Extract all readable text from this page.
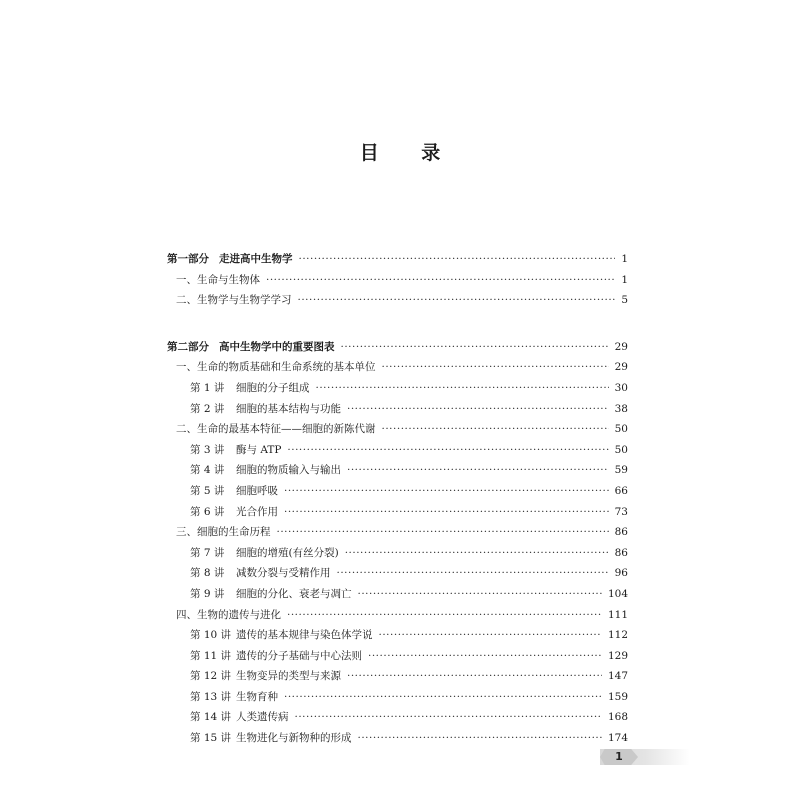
目 录
第一部分 走进高中生物学 ·····	1
一、生命与生物体 ·····	1
二、生物学与生物学学习 ·····	5
第二部分 高中生物学中的重要图表 ·····	29
一、生命的物质基础和生命系统的基本单位 ·····	29
第 1 讲 细胞的分子组成 ·····	30
第 2 讲 细胞的基本结构与功能 ·····	38
二、生命的最基本特征——细胞的新陈代谢 ·····	50
第 3 讲 酶与 ATP ·····	50
第 4 讲 细胞的物质输入与输出 ·····	59
第 5 讲 细胞呼吸 ·····	66
第 6 讲 光合作用 ·····	73
三、细胞的生命历程 ·····	86
第 7 讲 细胞的增殖(有丝分裂) ·····	86
第 8 讲 减数分裂与受精作用 ·····	96
第 9 讲 细胞的分化、衰老与凋亡 ·····	104
四、生物的遗传与进化 ·····	111
第 10 讲 遗传的基本规律与染色体学说 ·····	112
第 11 讲 遗传的分子基础与中心法则 ·····	129
第 12 讲 生物变异的类型与来源 ·····	147
第 13 讲 生物育种 ·····	159
第 14 讲 人类遗传病 ·····	168
第 15 讲 生物进化与新物种的形成 ·····	174
1
